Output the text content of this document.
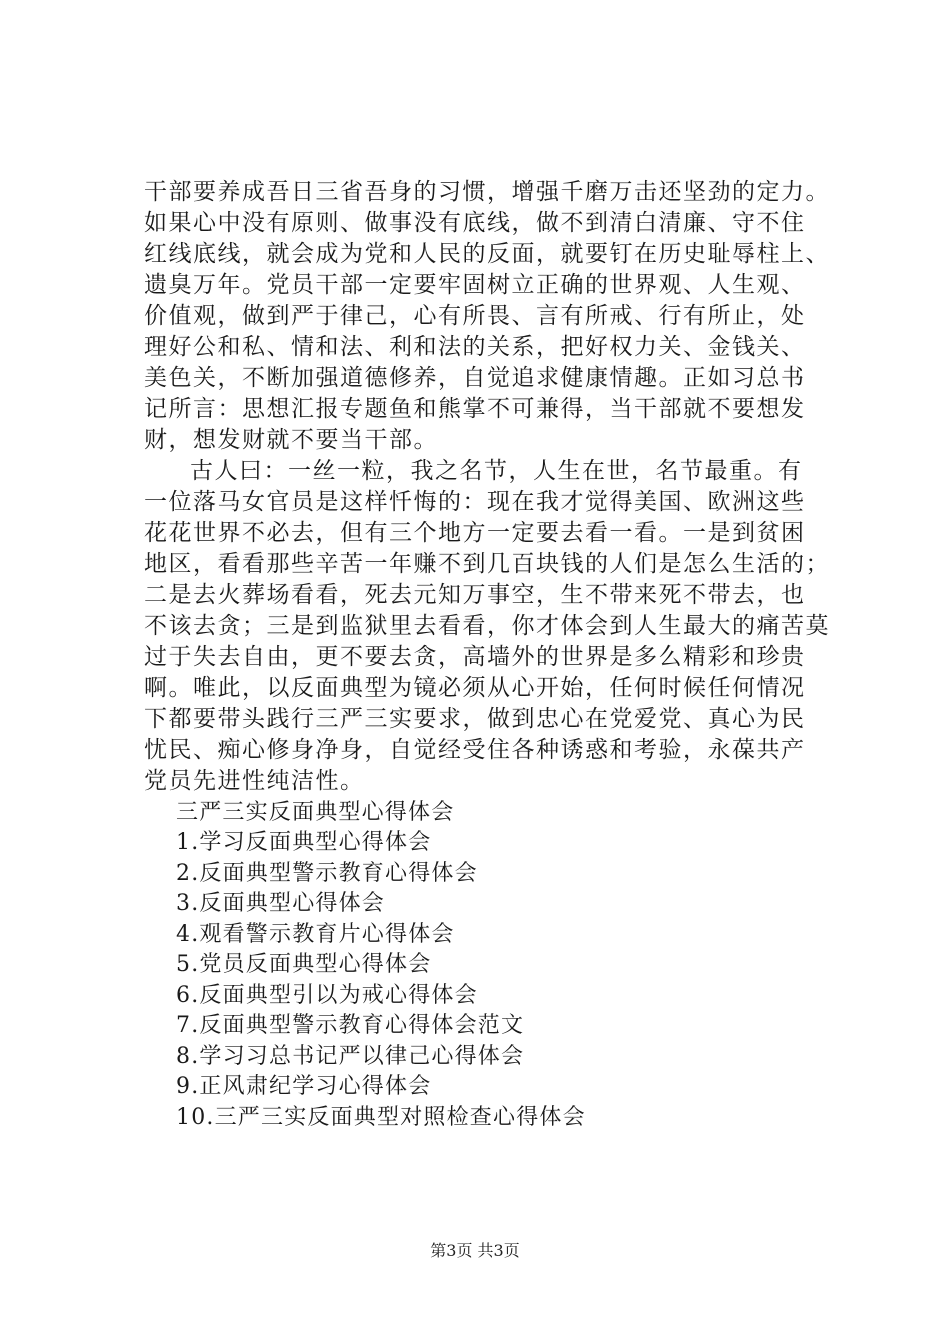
干部要养成吾日三省吾身的习惯，增强千磨万击还坚劲的定力。
如果心中没有原则、做事没有底线，做不到清白清廉、守不住
红线底线，就会成为党和人民的反面，就要钉在历史耻辱柱上、
遗臭万年。党员干部一定要牢固树立正确的世界观、人生观、
价值观，做到严于律己，心有所畏、言有所戒、行有所止，处
理好公和私、情和法、利和法的关系，把好权力关、金钱关、
美色关，不断加强道德修养，自觉追求健康情趣。正如习总书
记所言：思想汇报专题鱼和熊掌不可兼得，当干部就不要想发
财，想发财就不要当干部。
古人曰：一丝一粒，我之名节，人生在世，名节最重。有
一位落马女官员是这样忏悔的：现在我才觉得美国、欧洲这些
花花世界不必去，但有三个地方一定要去看一看。一是到贫困
地区，看看那些辛苦一年赚不到几百块钱的人们是怎么生活的；
二是去火葬场看看，死去元知万事空，生不带来死不带去，也
不该去贪；三是到监狱里去看看，你才体会到人生最大的痛苦莫
过于失去自由，更不要去贪，高墙外的世界是多么精彩和珍贵
啊。唯此，以反面典型为镜必须从心开始，任何时候任何情况
下都要带头践行三严三实要求，做到忠心在党爱党、真心为民
忧民、痴心修身净身，自觉经受住各种诱惑和考验，永葆共产
党员先进性纯洁性。
三严三实反面典型心得体会
1.学习反面典型心得体会
2.反面典型警示教育心得体会
3.反面典型心得体会
4.观看警示教育片心得体会
5.党员反面典型心得体会
6.反面典型引以为戒心得体会
7.反面典型警示教育心得体会范文
8.学习习总书记严以律己心得体会
9.正风肃纪学习心得体会
10.三严三实反面典型对照检查心得体会
第3页 共3页
